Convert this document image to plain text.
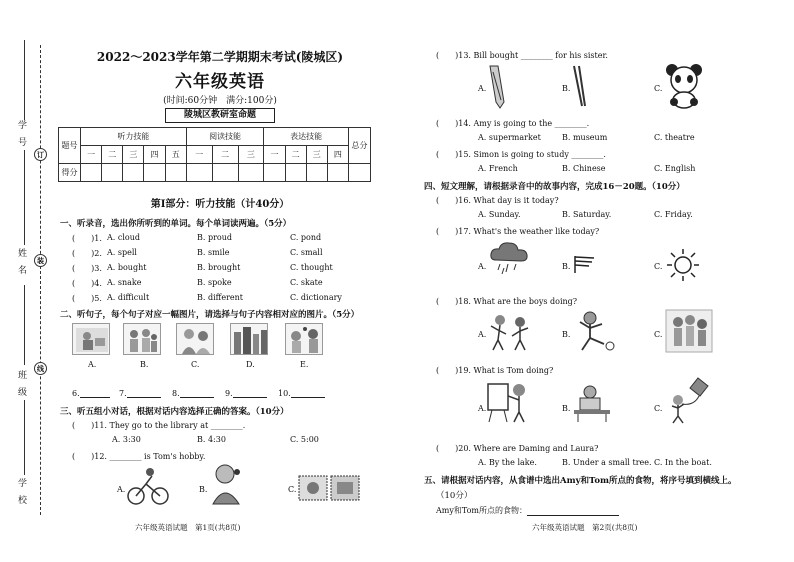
学号
姓名
班级
学校
订
装
线
2022～2023学年第二学期期末考试(陵城区)
六年级英语
(时间:60分钟　满分:100分)
陵城区教研室命题
题号	听力技能					阅读技能			表达技能				总分
	一	二	三	四	五	一	二	三	一	二	三	四	
得分													
第Ⅰ部分：听力技能（计40分）
一、听录音，选出你所听到的单词。每个单词读两遍。（5分）
(　　)1. A. cloud	B. proud	C. pond
(　　)2. A. spell	B. smile	C. small
(　　)3. A. bought	B. brought	C. thought
(　　)4. A. snake	B. spoke	C. skate
(　　)5. A. difficult	B. different	C. dictionary
二、听句子，每个句子对应一幅图片，请选择与句子内容相对应的图片。（5分）
A.	B.	C.	D.	E.
6.	7.	8.	9.	10.
三、听五组小对话，根据对话内容选择正确的答案。（10分）
(　　)11. They go to the library at ________.
A. 3:30	B. 4:30	C. 5:00
(　　)12. ________ is Tom's hobby.
A.	B.	C.
六年级英语试题　第1页(共8页)
(　　)13. Bill bought ________ for his sister.
A.	B.	C.
(　　)14. Amy is going to the ________.
A. supermarket	B. museum	C. theatre
(　　)15. Simon is going to study ________.
A. French	B. Chinese	C. English
四、短文理解，请根据录音中的故事内容，完成16－20题。（10分）
(　　)16. What day is it today?
A. Sunday.	B. Saturday.	C. Friday.
(　　)17. What's the weather like today?
A.	B.	C.
(　　)18. What are the boys doing?
A.	B.	C.
(　　)19. What is Tom doing?
A.	B.	C.
(　　)20. Where are Daming and Laura?
A. By the lake.	B. Under a small tree. C. In the boat.
五、请根据对话内容，从食谱中选出Amy和Tom所点的食物，将序号填到横线上。
（10分）
Amy和Tom所点的食物：
六年级英语试题　第2页(共8页)
